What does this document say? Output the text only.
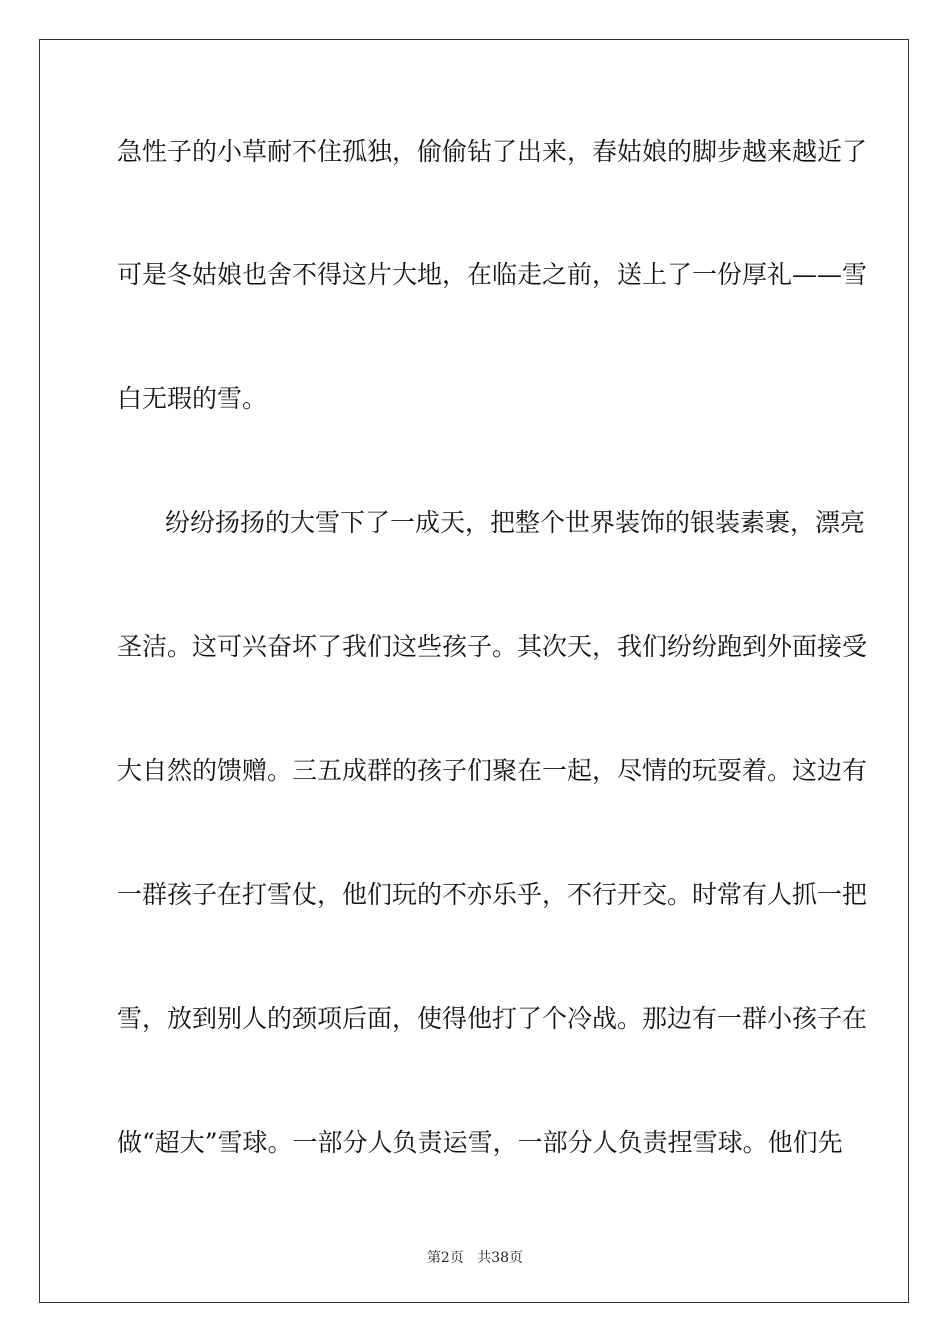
急性子的小草耐不住孤独，偷偷钻了出来，春姑娘的脚步越来越近了
可是冬姑娘也舍不得这片大地，在临走之前，送上了一份厚礼——雪
白无瑕的雪。
纷纷扬扬的大雪下了一成天，把整个世界装饰的银装素裹，漂亮
圣洁。这可兴奋坏了我们这些孩子。其次天，我们纷纷跑到外面接受
大自然的馈赠。三五成群的孩子们聚在一起，尽情的玩耍着。这边有
一群孩子在打雪仗，他们玩的不亦乐乎，不行开交。时常有人抓一把
雪，放到别人的颈项后面，使得他打了个冷战。那边有一群小孩子在
做“超大”雪球。一部分人负责运雪，一部分人负责捏雪球。他们先
第2页 共38页
